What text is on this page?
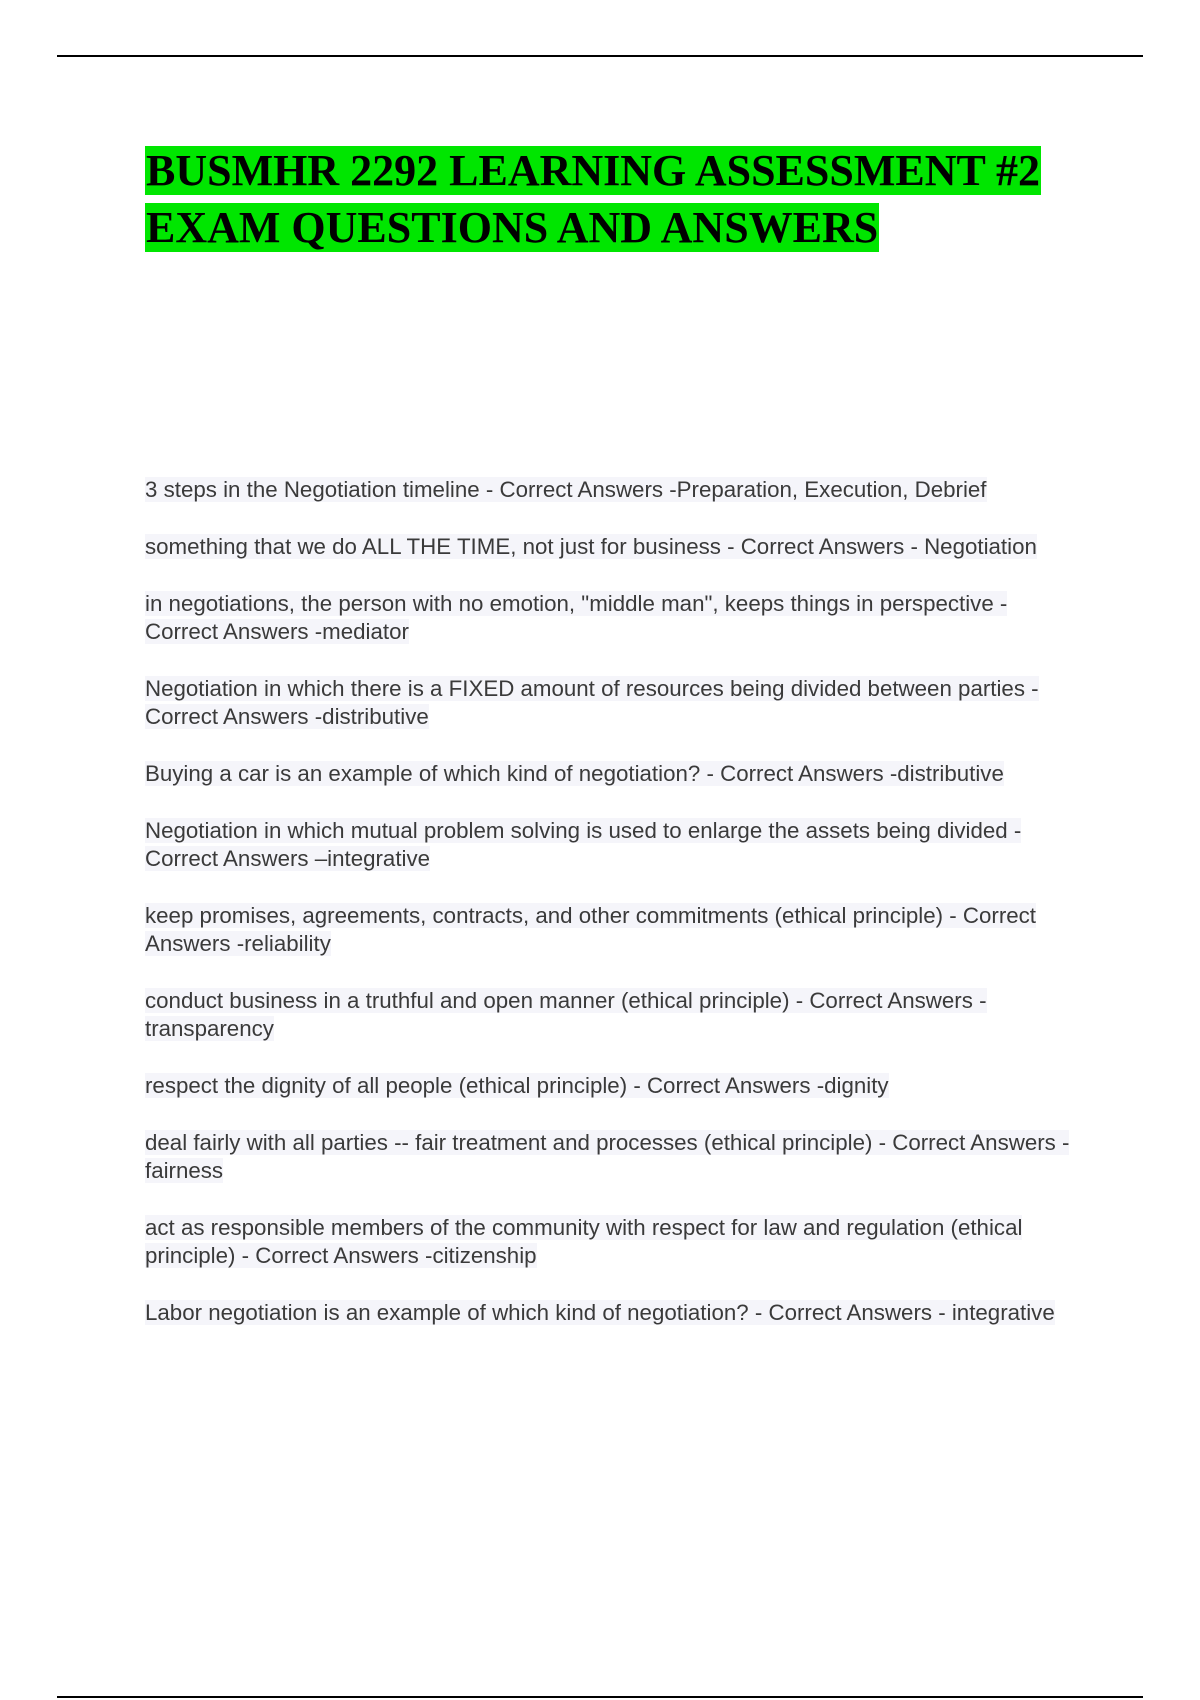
BUSMHR 2292 LEARNING ASSESSMENT #2 EXAM QUESTIONS AND ANSWERS
3 steps in the Negotiation timeline - Correct Answers -Preparation, Execution, Debrief
something that we do ALL THE TIME, not just for business - Correct Answers - Negotiation
in negotiations, the person with no emotion, "middle man", keeps things in perspective - Correct Answers -mediator
Negotiation in which there is a FIXED amount of resources being divided between parties - Correct Answers -distributive
Buying a car is an example of which kind of negotiation? - Correct Answers -distributive
Negotiation in which mutual problem solving is used to enlarge the assets being divided - Correct Answers –integrative
keep promises, agreements, contracts, and other commitments (ethical principle) - Correct Answers -reliability
conduct business in a truthful and open manner (ethical principle) - Correct Answers - transparency
respect the dignity of all people (ethical principle) - Correct Answers -dignity
deal fairly with all parties -- fair treatment and processes (ethical principle) - Correct Answers -fairness
act as responsible members of the community with respect for law and regulation (ethical principle) - Correct Answers -citizenship
Labor negotiation is an example of which kind of negotiation? - Correct Answers - integrative
